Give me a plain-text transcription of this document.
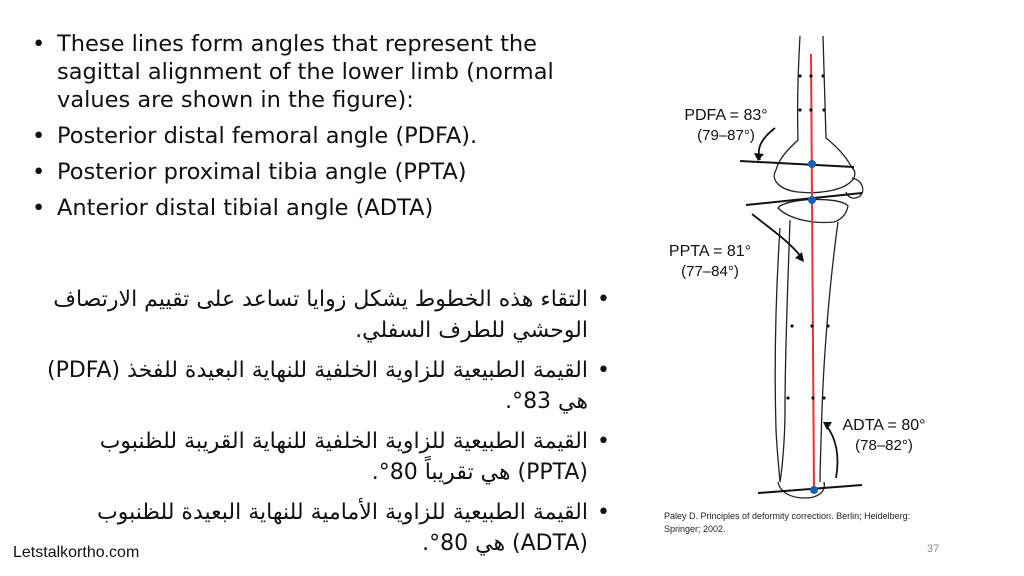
• These lines form angles that represent the sagittal alignment of the lower limb (normal values are shown in the figure):
• Posterior distal femoral angle (PDFA).
• Posterior proximal tibia angle (PPTA)
• Anterior distal tibial angle (ADTA)
• التقاء هذه الخطوط يشكل زوايا تساعد على تقييم الارتصاف الوحشي للطرف السفلي.
• القيمة الطبيعية للزاوية الخلفية للنهاية البعيدة للفخذ (PDFA) هي 83°.
• القيمة الطبيعية للزاوية الخلفية للنهاية القريبة للظنبوب (PPTA) هي تقريباً 80°.
• القيمة الطبيعية للزاوية الأمامية للنهاية البعيدة للظنبوب (ADTA) هي 80°.
PDFA = 83°
(79–87°)
PPTA = 81°
(77–84°)
ADTA = 80°
(78–82°)
Paley D. Principles of deformity correction. Berlin; Heidelberg: Springer; 2002.
Letstalkortho.com	37
